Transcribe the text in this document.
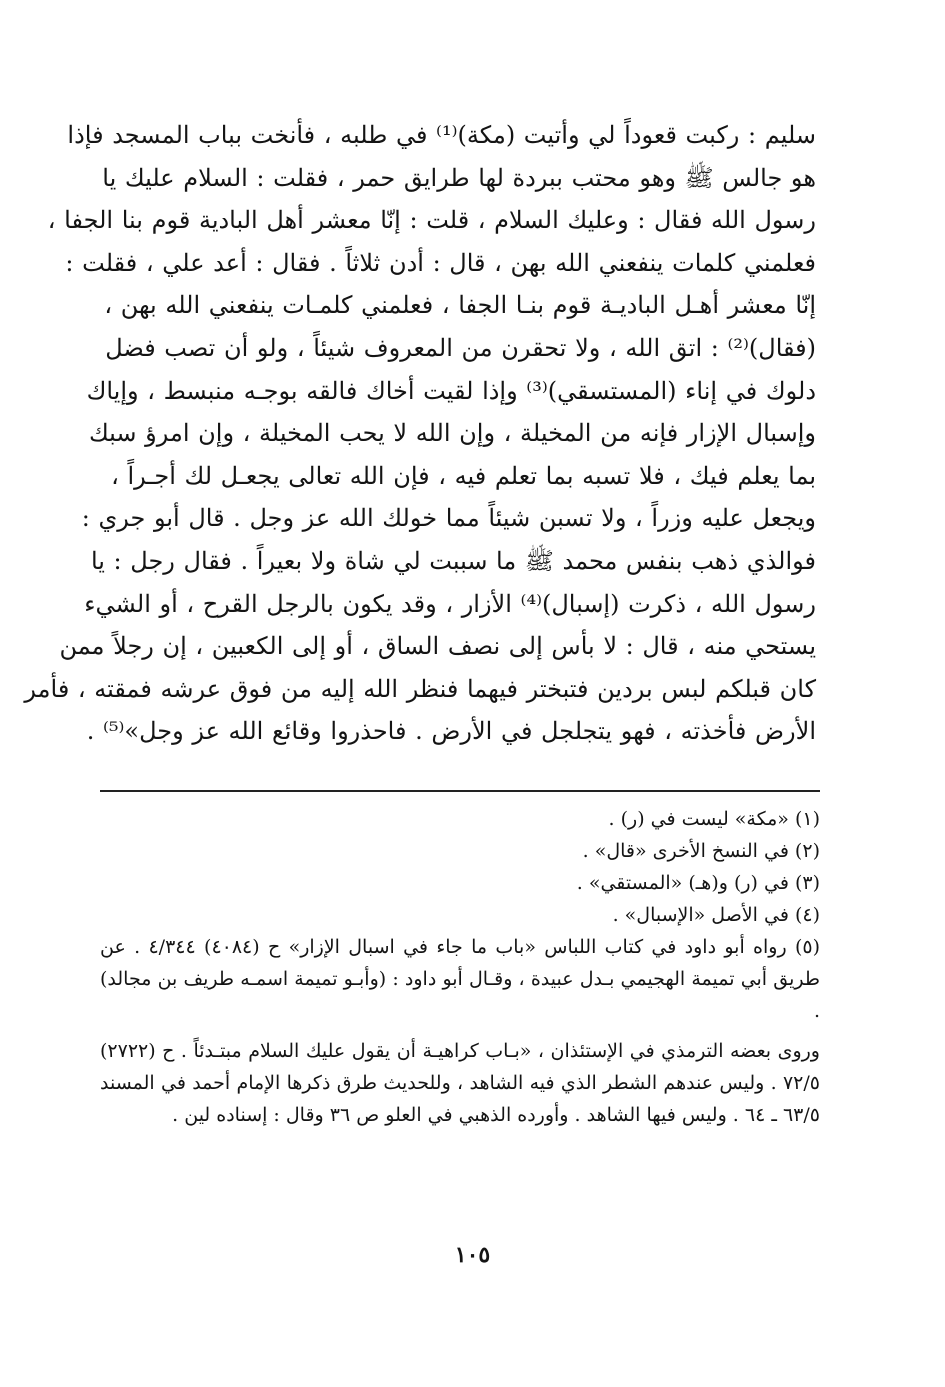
سليم : ركبت قعوداً لي وأتيت (مكة)⁽¹⁾ في طلبه ، فأنخت بباب المسجد فإذا
هو جالس ﷺ وهو محتب ببردة لها طرايق حمر ، فقلت : السلام عليك يا
رسول الله فقال : وعليك السلام ، قلت : إنّا معشر أهل البادية قوم بنا الجفا ،
فعلمني كلمات ينفعني الله بهن ، قال : أدن ثلاثاً . فقال : أعد علي ، فقلت :
إنّا معشر أهـل الباديـة قوم بنـا الجفا ، فعلمني كلمـات ينفعني الله بهن ،
(فقال)⁽²⁾ : اتق الله ، ولا تحقرن من المعروف شيئاً ، ولو أن تصب فضل
دلوك في إناء (المستسقي)⁽³⁾ وإذا لقيت أخاك فالقه بوجـه منبسط ، وإياك
وإسبال الإزار فإنه من المخيلة ، وإن الله لا يحب المخيلة ، وإن امرؤ سبك
بما يعلم فيك ، فلا تسبه بما تعلم فيه ، فإن الله تعالى يجعـل لك أجـراً ،
ويجعل عليه وزراً ، ولا تسبن شيئاً مما خولك الله عز وجل . قال أبو جري :
فوالذي ذهب بنفس محمد ﷺ ما سببت لي شاة ولا بعيراً . فقال رجل : يا
رسول الله ، ذكرت (إسبال)⁽⁴⁾ الأزار ، وقد يكون بالرجل القرح ، أو الشيء
يستحي منه ، قال : لا بأس إلى نصف الساق ، أو إلى الكعبين ، إن رجلاً ممن
كان قبلكم لبس بردين فتبختر فيهما فنظر الله إليه من فوق عرشه فمقته ، فأمر
الأرض فأخذته ، فهو يتجلجل في الأرض . فاحذروا وقائع الله عز وجل»⁽⁵⁾ .
(١) «مكة» ليست في (ر) .
(٢) في النسخ الأخرى «قال» .
(٣) في (ر) و(هـ) «المستقي» .
(٤) في الأصل «الإسبال» .
(٥) رواه أبو داود في كتاب اللباس «باب ما جاء في اسبال الإزار» ح (٤٠٨٤) ٤/٣٤٤ . عن طريق أبي تميمة الهجيمي بـدل عبيدة ، وقـال أبو داود : (وأبـو تميمة اسمـه طريف بن مجالد) .
وروى بعضه الترمذي في الإستئذان ، «بـاب كراهيـة أن يقول عليك السلام مبتـدئاً . ح (٢٧٢٢) ٧٢/٥ . وليس عندهم الشطر الذي فيه الشاهد ، وللحديث طرق ذكرها الإمام أحمد في المسند ٦٣/٥ ـ ٦٤ . وليس فيها الشاهد . وأورده الذهبي في العلو ص ٣٦ وقال : إسناده لين .
١٠٥
